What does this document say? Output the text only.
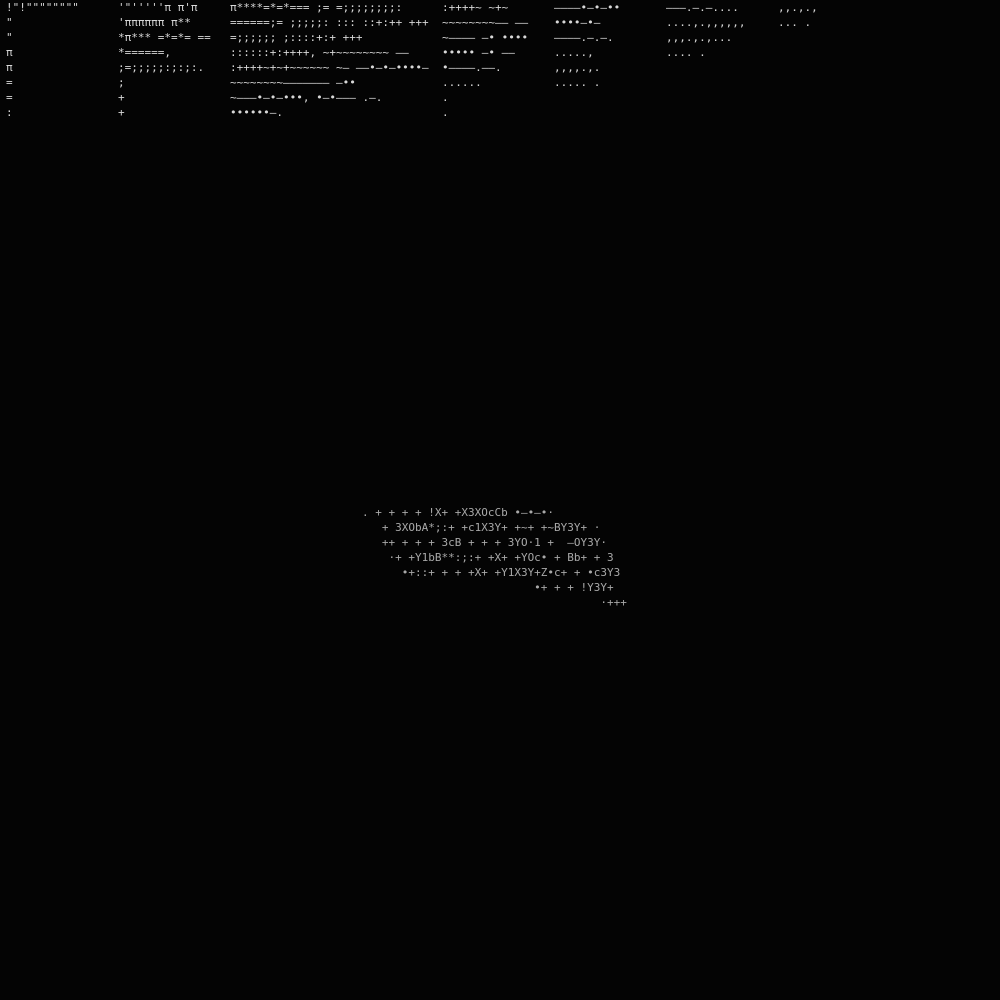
!"!""""""""
"
"
π
π
=
=
:
'"'''''π π'π
'ππππππ π**
*π*** =*=*= ==
*======,
;=;;;;;:;:;:.
;
+
+
π****=*=*=== ;= =;;;;;;;;:
======;= ;;;;;: ::: ::+:++ +++
=;;;;;; ;::::+:+ +++
::::::+:++++, ~+~~~~~~~~ ——
:++++~+~+~~~~~~ ~— ——•—•—••••—
~~~~~~~~——————— —••
~———•—•—•••, •—•——— .—.
••••••—.
:++++~ ~+~
~~~~~~~~—— ——
~———— —• ••••
••••• —• ——
•————.——.
......
.
.
————•—•—••
••••—•—
————.—.—.
.....,
,,,,.,.
..... .
———.—.—....
....,.,,,,,,
,,,.,.,...
.... .
,,.,.,
... .
. + + + + !X+ +X3XOcCb •—•—•·
+ 3XObA*;:+ +c1X3Y+ +~+ +~BY3Y+ ·
++ + + + 3cB + + + 3YO·1 +  —OY3Y·
·+ +Y1bB**:;:+ +X+ +YOc• + Bb+ + 3
•+::+ + + +X+ +Y1X3Y+Z•c+ + •c3Y3
•+ + + !Y3Y+
·+++
